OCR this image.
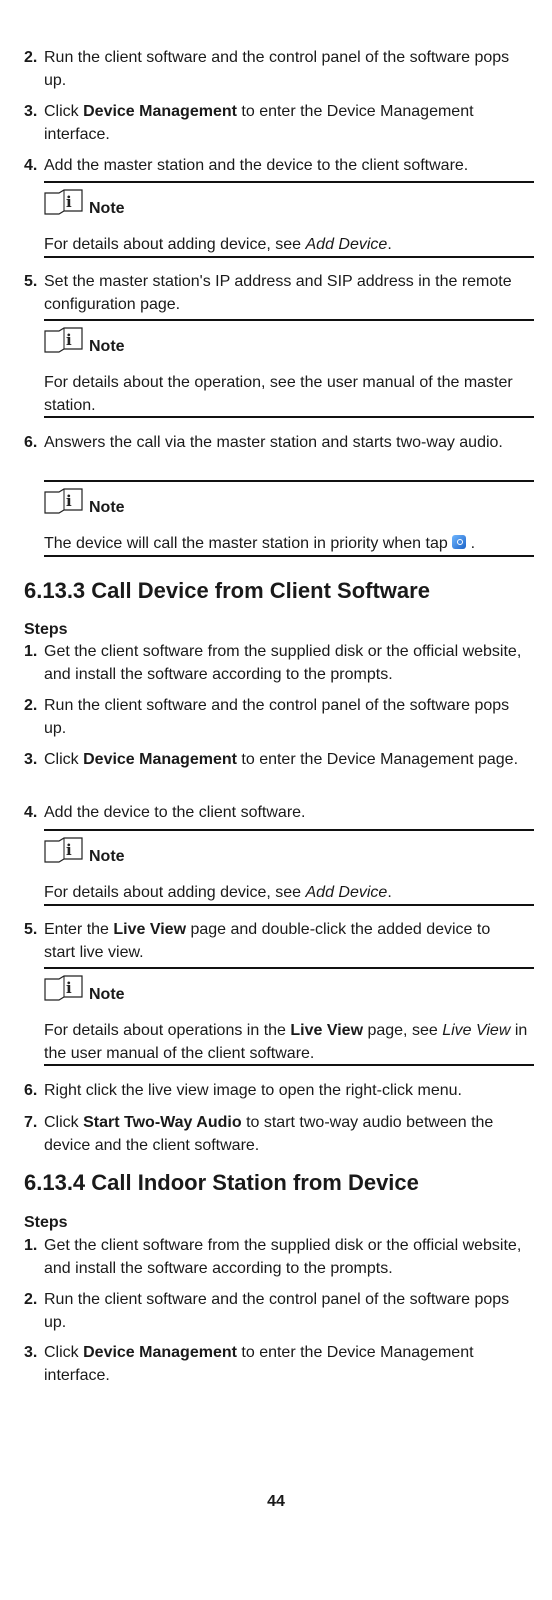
2. Run the client software and the control panel of the software pops up.
3. Click Device Management to enter the Device Management interface.
4. Add the master station and the device to the client software.
i Note
For details about adding device, see Add Device.
5. Set the master station's IP address and SIP address in the remote configuration page.
i Note
For details about the operation, see the user manual of the master station.
6. Answers the call via the master station and starts two-way audio.
i Note
The device will call the master station in priority when tap  .
6.13.3 Call Device from Client Software
Steps
1. Get the client software from the supplied disk or the official website, and install the software according to the prompts.
2. Run the client software and the control panel of the software pops up.
3. Click Device Management to enter the Device Management page.
4. Add the device to the client software.
i Note
For details about adding device, see Add Device.
5. Enter the Live View page and double-click the added device to start live view.
i Note
For details about operations in the Live View page, see Live View in the user manual of the client software.
6. Right click the live view image to open the right-click menu.
7. Click Start Two-Way Audio to start two-way audio between the device and the client software.
6.13.4 Call Indoor Station from Device
Steps
1. Get the client software from the supplied disk or the official website, and install the software according to the prompts.
2. Run the client software and the control panel of the software pops up.
3. Click Device Management to enter the Device Management interface.
44
